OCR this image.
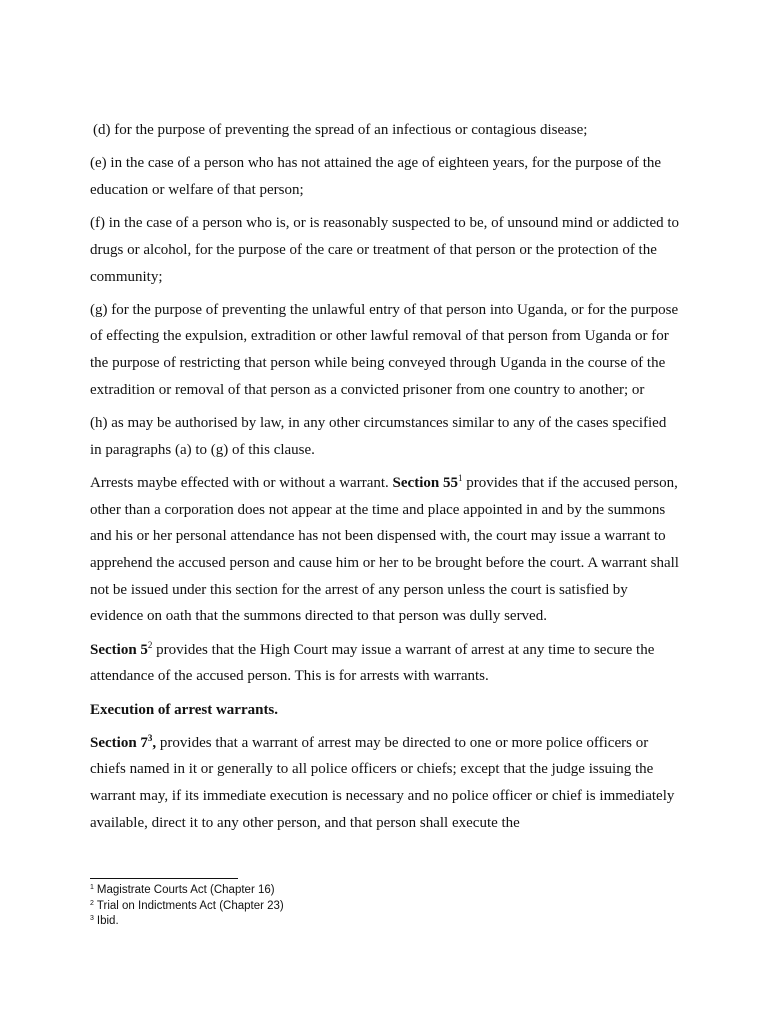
(d) for the purpose of preventing the spread of an infectious or contagious disease;

(e) in the case of a person who has not attained the age of eighteen years, for the purpose of the education or welfare of that person;

(f) in the case of a person who is, or is reasonably suspected to be, of unsound mind or addicted to drugs or alcohol, for the purpose of the care or treatment of that person or the protection of the community;

(g) for the purpose of preventing the unlawful entry of that person into Uganda, or for the purpose of effecting the expulsion, extradition or other lawful removal of that person from Uganda or for the purpose of restricting that person while being conveyed through Uganda in the course of the extradition or removal of that person as a convicted prisoner from one country to another; or

(h) as may be authorised by law, in any other circumstances similar to any of the cases specified in paragraphs (a) to (g) of this clause.

Arrests maybe effected with or without a warrant. Section $55^1$ provides that if the accused person, other than a corporation does not appear at the time and place appointed in and by the summons and his or her personal attendance has not been dispensed with, the court may issue a warrant to apprehend the accused person and cause him or her to be brought before the court. A warrant shall not be issued under this section for the arrest of any person unless the court is satisfied by evidence on oath that the summons directed to that person was dully served.

Section $5^2$ provides that the High Court may issue a warrant of arrest at any time to secure the attendance of the accused person. This is for arrests with warrants.

Execution of arrest warrants.

Section $7^3$, provides that a warrant of arrest may be directed to one or more police officers or chiefs named in it or generally to all police officers or chiefs; except that the judge issuing the warrant may, if its immediate execution is necessary and no police officer or chief is immediately available, direct it to any other person, and that person shall execute the

$^1$ Magistrate Courts Act (Chapter 16)
$^2$ Trial on Indictments Act (Chapter 23)
$^3$ Ibid.
